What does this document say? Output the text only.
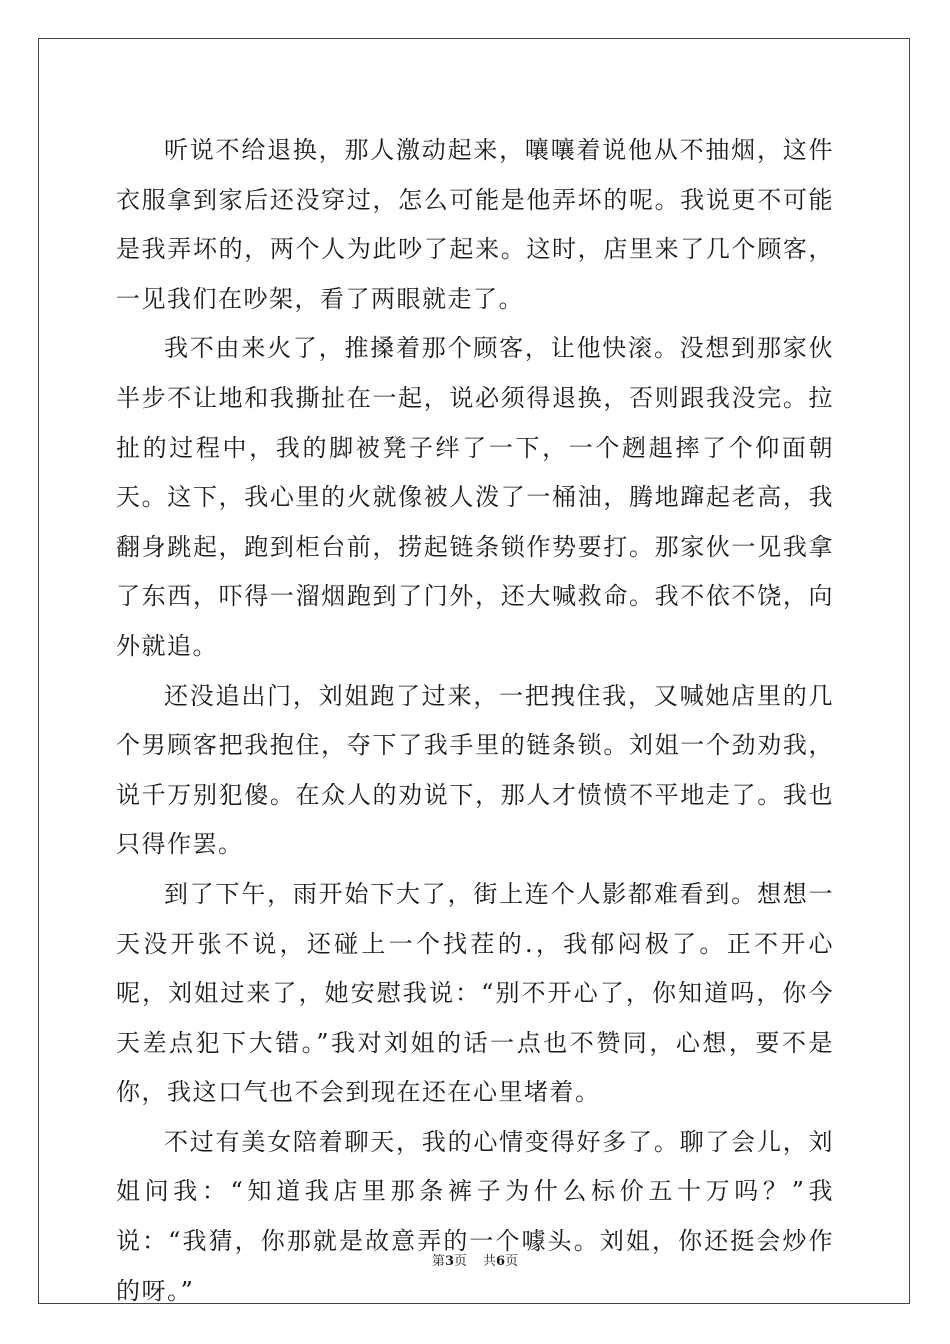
听说不给退换，那人激动起来，嚷嚷着说他从不抽烟，这件衣服拿到家后还没穿过，怎么可能是他弄坏的呢。我说更不可能是我弄坏的，两个人为此吵了起来。这时，店里来了几个顾客，一见我们在吵架，看了两眼就走了。

我不由来火了，推搡着那个顾客，让他快滚。没想到那家伙半步不让地和我撕扯在一起，说必须得退换，否则跟我没完。拉扯的过程中，我的脚被凳子绊了一下，一个趔趄摔了个仰面朝天。这下，我心里的火就像被人泼了一桶油，腾地蹿起老高，我翻身跳起，跑到柜台前，捞起链条锁作势要打。那家伙一见我拿了东西，吓得一溜烟跑到了门外，还大喊救命。我不依不饶，向外就追。

还没追出门，刘姐跑了过来，一把拽住我，又喊她店里的几个男顾客把我抱住，夺下了我手里的链条锁。刘姐一个劲劝我，说千万别犯傻。在众人的劝说下，那人才愤愤不平地走了。我也只得作罢。

到了下午，雨开始下大了，街上连个人影都难看到。想想一天没开张不说，还碰上一个找茬的.，我郁闷极了。正不开心呢，刘姐过来了，她安慰我说：“别不开心了，你知道吗，你今天差点犯下大错。”我对刘姐的话一点也不赞同，心想，要不是你，我这口气也不会到现在还在心里堵着。

不过有美女陪着聊天，我的心情变得好多了。聊了会儿，刘姐问我：“知道我店里那条裤子为什么标价五十万吗？”我说：“我猜，你那就是故意弄的一个噱头。刘姐，你还挺会炒作的呀。”

第3页 共6页
